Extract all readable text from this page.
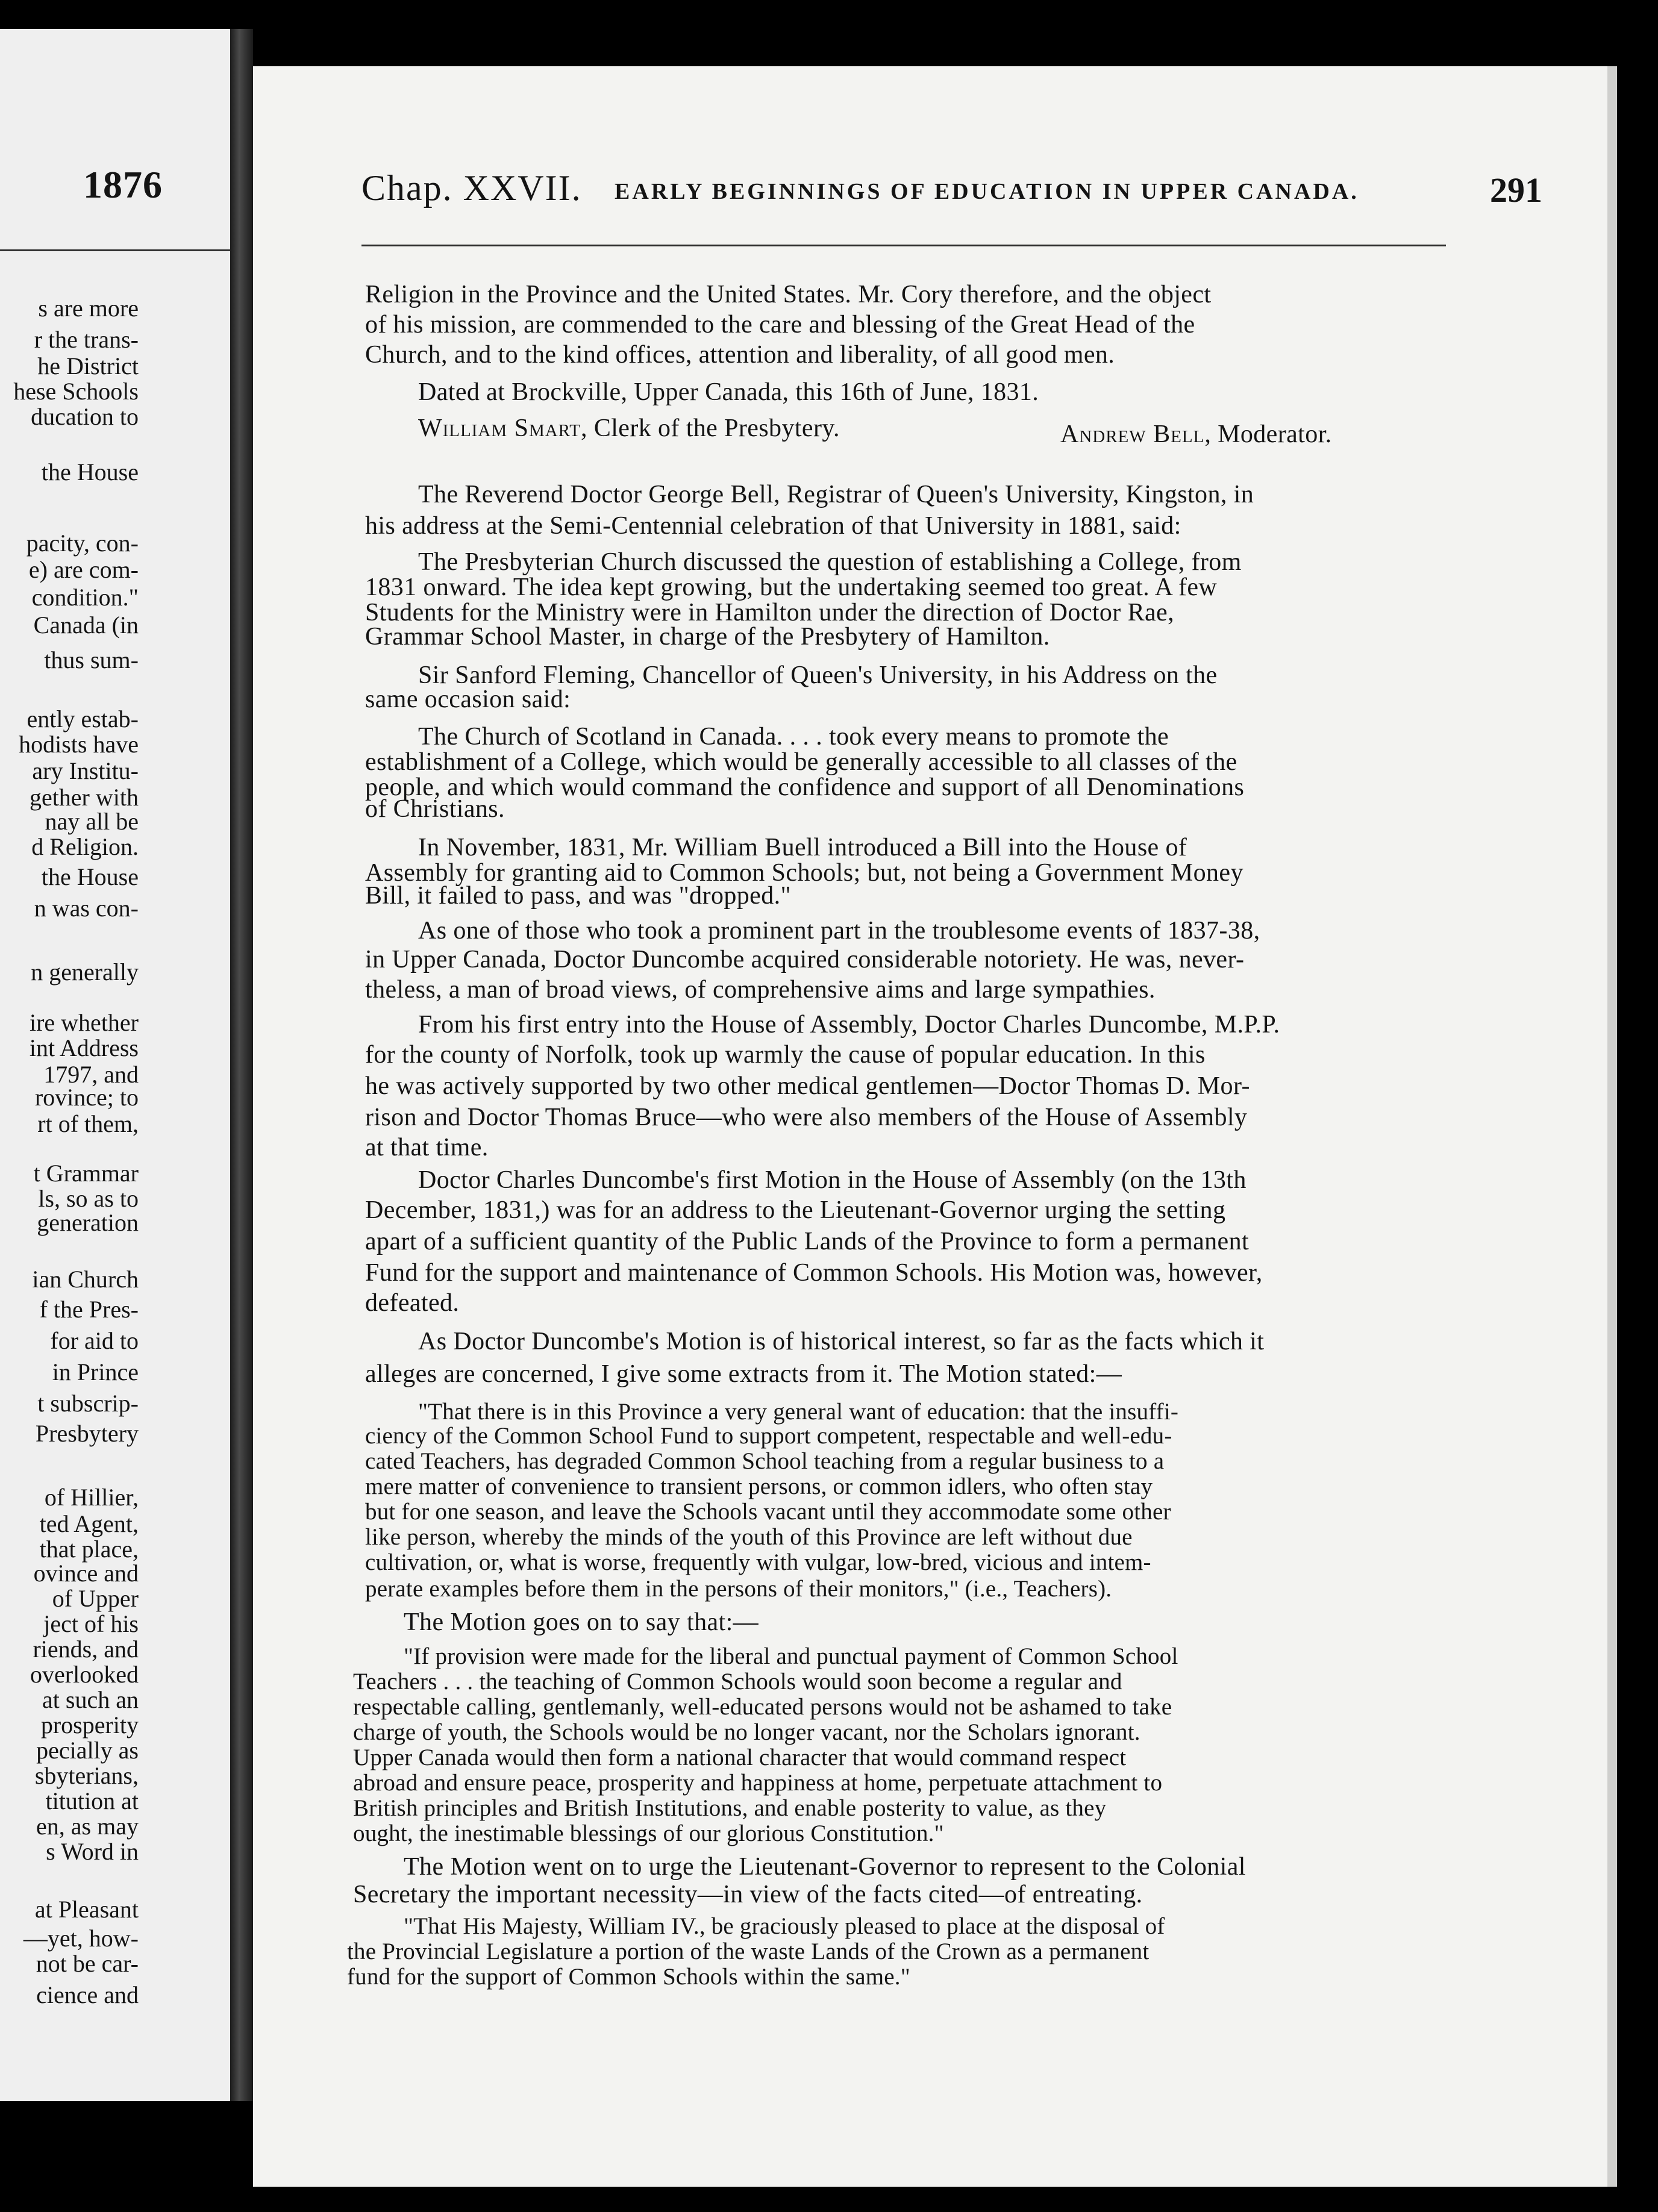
1876
s are more
r the trans-
he District
hese Schools
ducation to
the House
pacity, con-
e) are com-
condition."
Canada (in
thus sum-
ently estab-
hodists have
ary Institu-
gether with
nay all be
d Religion.
the House
n was con-
n generally
ire whether
int Address
1797, and
rovince; to
rt of them,
t Grammar
ls, so as to
generation
ian Church
f the Pres-
for aid to
in Prince
t subscrip-
Presbytery
of Hillier,
ted Agent,
that place,
ovince and
of Upper
ject of his
riends, and
overlooked
at such an
prosperity
pecially as
sbyterians,
titution at
en, as may
s Word in
at Pleasant
—yet, how-
not be car-
cience and
Chap. XXVII. EARLY BEGINNINGS OF EDUCATION IN UPPER CANADA.	291
Religion in the Province and the United States. Mr. Cory therefore, and the object
of his mission, are commended to the care and blessing of the Great Head of the
Church, and to the kind offices, attention and liberality, of all good men.
Dated at Brockville, Upper Canada, this 16th of June, 1831.
William Smart, Clerk of the Presbytery.	Andrew Bell, Moderator.
The Reverend Doctor George Bell, Registrar of Queen's University, Kingston, in
his address at the Semi-Centennial celebration of that University in 1881, said:
The Presbyterian Church discussed the question of establishing a College, from
1831 onward. The idea kept growing, but the undertaking seemed too great. A few
Students for the Ministry were in Hamilton under the direction of Doctor Rae,
Grammar School Master, in charge of the Presbytery of Hamilton.
Sir Sanford Fleming, Chancellor of Queen's University, in his Address on the
same occasion said:
The Church of Scotland in Canada. . . . took every means to promote the
establishment of a College, which would be generally accessible to all classes of the
people, and which would command the confidence and support of all Denominations
of Christians.
In November, 1831, Mr. William Buell introduced a Bill into the House of
Assembly for granting aid to Common Schools; but, not being a Government Money
Bill, it failed to pass, and was "dropped."
As one of those who took a prominent part in the troublesome events of 1837-38,
in Upper Canada, Doctor Duncombe acquired considerable notoriety. He was, never-
theless, a man of broad views, of comprehensive aims and large sympathies.
From his first entry into the House of Assembly, Doctor Charles Duncombe, M.P.P.
for the county of Norfolk, took up warmly the cause of popular education. In this
he was actively supported by two other medical gentlemen—Doctor Thomas D. Mor-
rison and Doctor Thomas Bruce—who were also members of the House of Assembly
at that time.
Doctor Charles Duncombe's first Motion in the House of Assembly (on the 13th
December, 1831,) was for an address to the Lieutenant-Governor urging the setting
apart of a sufficient quantity of the Public Lands of the Province to form a permanent
Fund for the support and maintenance of Common Schools. His Motion was, however,
defeated.
As Doctor Duncombe's Motion is of historical interest, so far as the facts which it
alleges are concerned, I give some extracts from it. The Motion stated:—
"That there is in this Province a very general want of education: that the insuffi-
ciency of the Common School Fund to support competent, respectable and well-edu-
cated Teachers, has degraded Common School teaching from a regular business to a
mere matter of convenience to transient persons, or common idlers, who often stay
but for one season, and leave the Schools vacant until they accommodate some other
like person, whereby the minds of the youth of this Province are left without due
cultivation, or, what is worse, frequently with vulgar, low-bred, vicious and intem-
perate examples before them in the persons of their monitors," (i.e., Teachers).
The Motion goes on to say that:—
"If provision were made for the liberal and punctual payment of Common School
Teachers . . . the teaching of Common Schools would soon become a regular and
respectable calling, gentlemanly, well-educated persons would not be ashamed to take
charge of youth, the Schools would be no longer vacant, nor the Scholars ignorant.
Upper Canada would then form a national character that would command respect
abroad and ensure peace, prosperity and happiness at home, perpetuate attachment to
British principles and British Institutions, and enable posterity to value, as they
ought, the inestimable blessings of our glorious Constitution."
The Motion went on to urge the Lieutenant-Governor to represent to the Colonial
Secretary the important necessity—in view of the facts cited—of entreating.
"That His Majesty, William IV., be graciously pleased to place at the disposal of
the Provincial Legislature a portion of the waste Lands of the Crown as a permanent
fund for the support of Common Schools within the same."
